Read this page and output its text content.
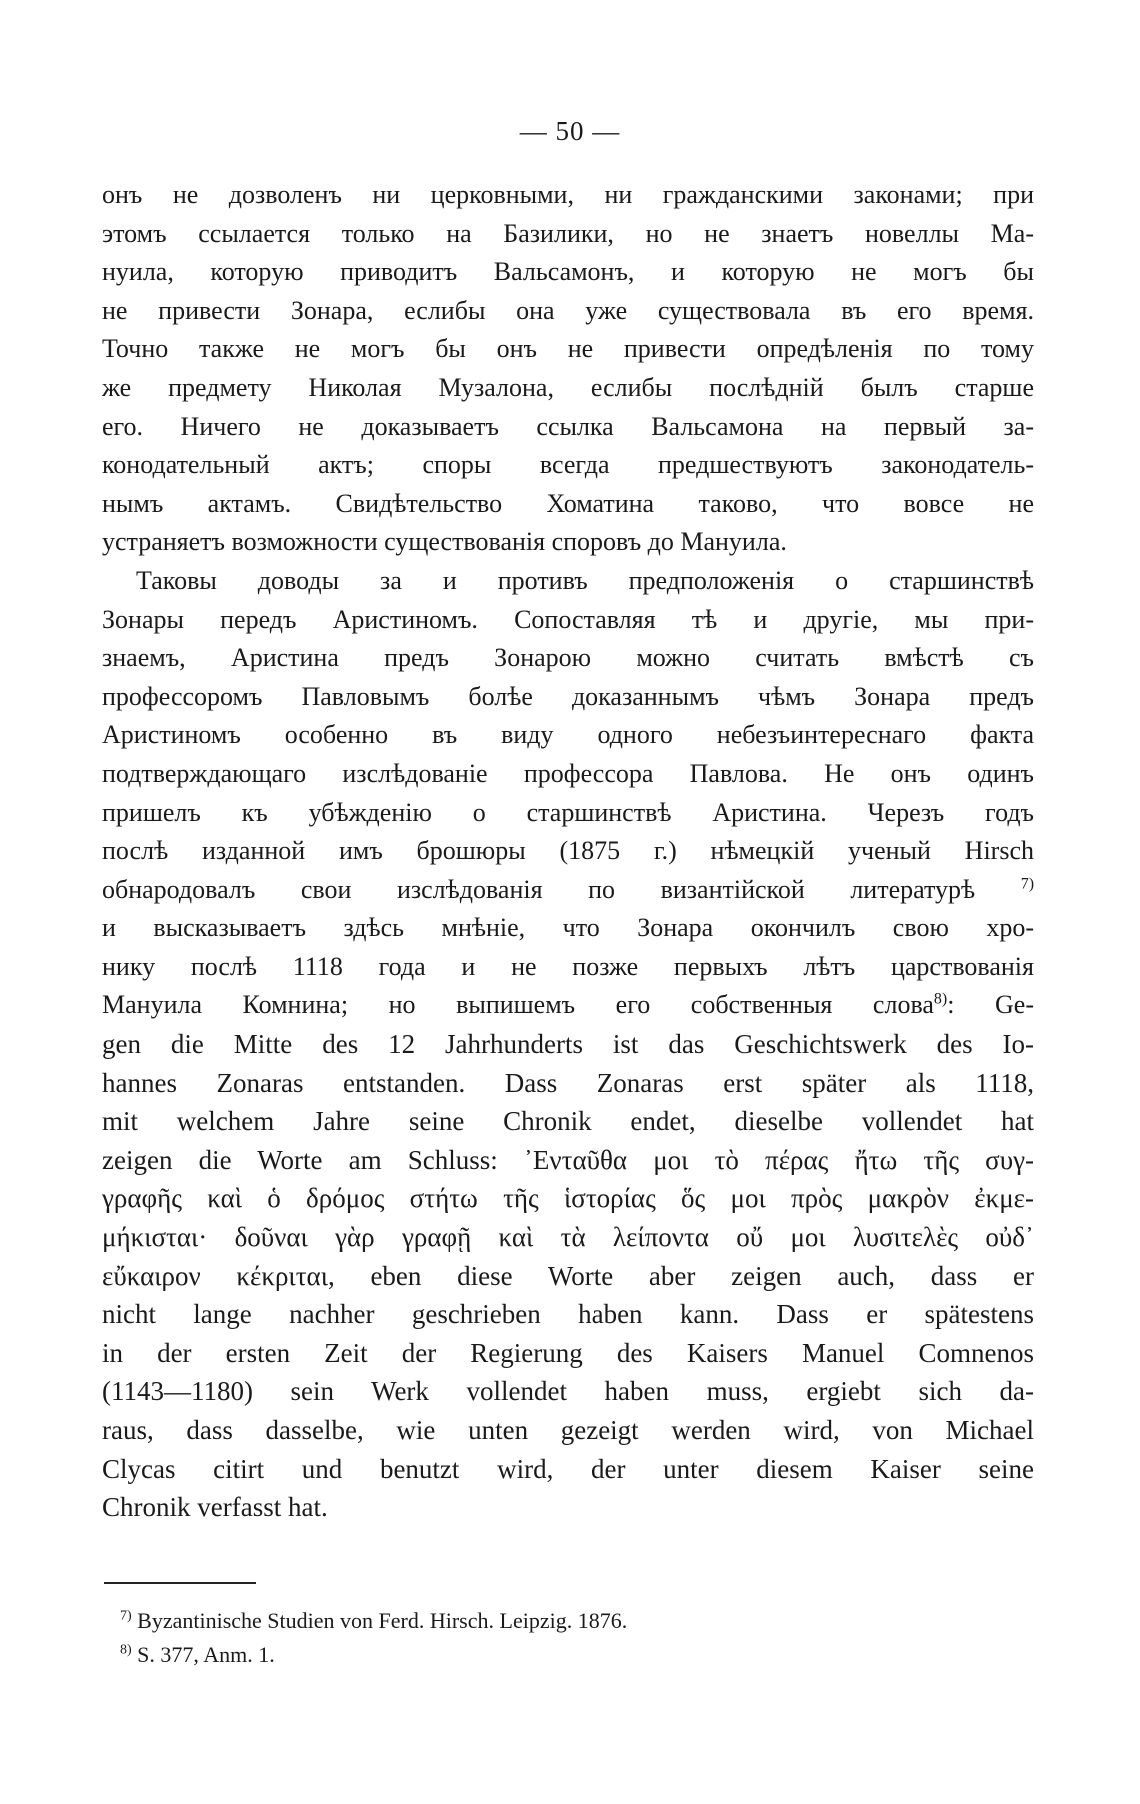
— 50 —
онъ не дозволенъ ни церковными, ни гражданскими законами; при
этомъ ссылается только на Базилики, но не знаетъ новеллы Ма-
нуила, которую приводитъ Вальсамонъ, и которую не могъ бы
не привести Зонара, еслибы она уже существовала въ его время.
Точно также не могъ бы онъ не привести опредѣленія по тому
же предмету Николая Музалона, еслибы послѣдній былъ старше
его. Ничего не доказываетъ ссылка Вальсамона на первый за-
конодательный актъ; споры всегда предшествуютъ законодатель-
нымъ актамъ. Свидѣтельство Хоматина таково, что вовсе не
устраняетъ возможности существованія споровъ до Мануила.
Таковы доводы за и противъ предположенія о старшинствѣ
Зонары передъ Аристиномъ. Сопоставляя тѣ и другіе, мы при-
знаемъ, Аристина предъ Зонарою можно считать вмѣстѣ съ
профессоромъ Павловымъ болѣе доказаннымъ чѣмъ Зонара предъ
Аристиномъ особенно въ виду одного небезъинтереснаго факта
подтверждающаго изслѣдованіе профессора Павлова. Не онъ одинъ
пришелъ къ убѣжденію о старшинствѣ Аристина. Черезъ годъ
послѣ изданной имъ брошюры (1875 г.) нѣмецкій ученый Hirsch
обнародовалъ свои изслѣдованія по византійской литературѣ	$^{7)}$
и высказываетъ здѣсь мнѣніе, что Зонара окончилъ свою хро-
нику послѣ 1118 года и не позже первыхъ лѣтъ царствованія
Мануила Комнина; но выпишемъ его собственныя слова$^{8)}$: Ge-
gen die Mitte des 12 Jahrhunderts ist das Geschichtswerk des Io-
hannes Zonaras entstanden. Dass Zonaras erst später als 1118,
mit welchem Jahre seine Chronik endet, dieselbe vollendet hat
zeigen die Worte am Schluss: ᾿Ενταῦθα μοι τὸ πέρας ἤτω τῆς συγ-
γραφῆς καὶ ὁ δρόμος στήτω τῆς ἱστορίας ὅς μοι πρὸς μακρὸν ἐκμε-
μήκισται· δοῦναι γὰρ γραφῇ καὶ τὰ λείποντα οὔ μοι λυσιτελὲς οὐδ᾿
εὔκαιρον κέκριται, eben diese Worte aber zeigen auch, dass er
nicht lange nachher geschrieben haben kann. Dass er spätestens
in der ersten Zeit der Regierung des Kaisers Manuel Comnenos
(1143—1180) sein Werk vollendet haben muss, ergiebt sich da-
raus, dass dasselbe, wie unten gezeigt werden wird, von Michael
Clycas citirt und benutzt wird, der unter diesem Kaiser seine
Chronik verfasst hat.
$^{7)}$ Byzantinische Studien von Ferd. Hirsch. Leipzig. 1876.
$^{8)}$ S. 377, Anm. 1.
